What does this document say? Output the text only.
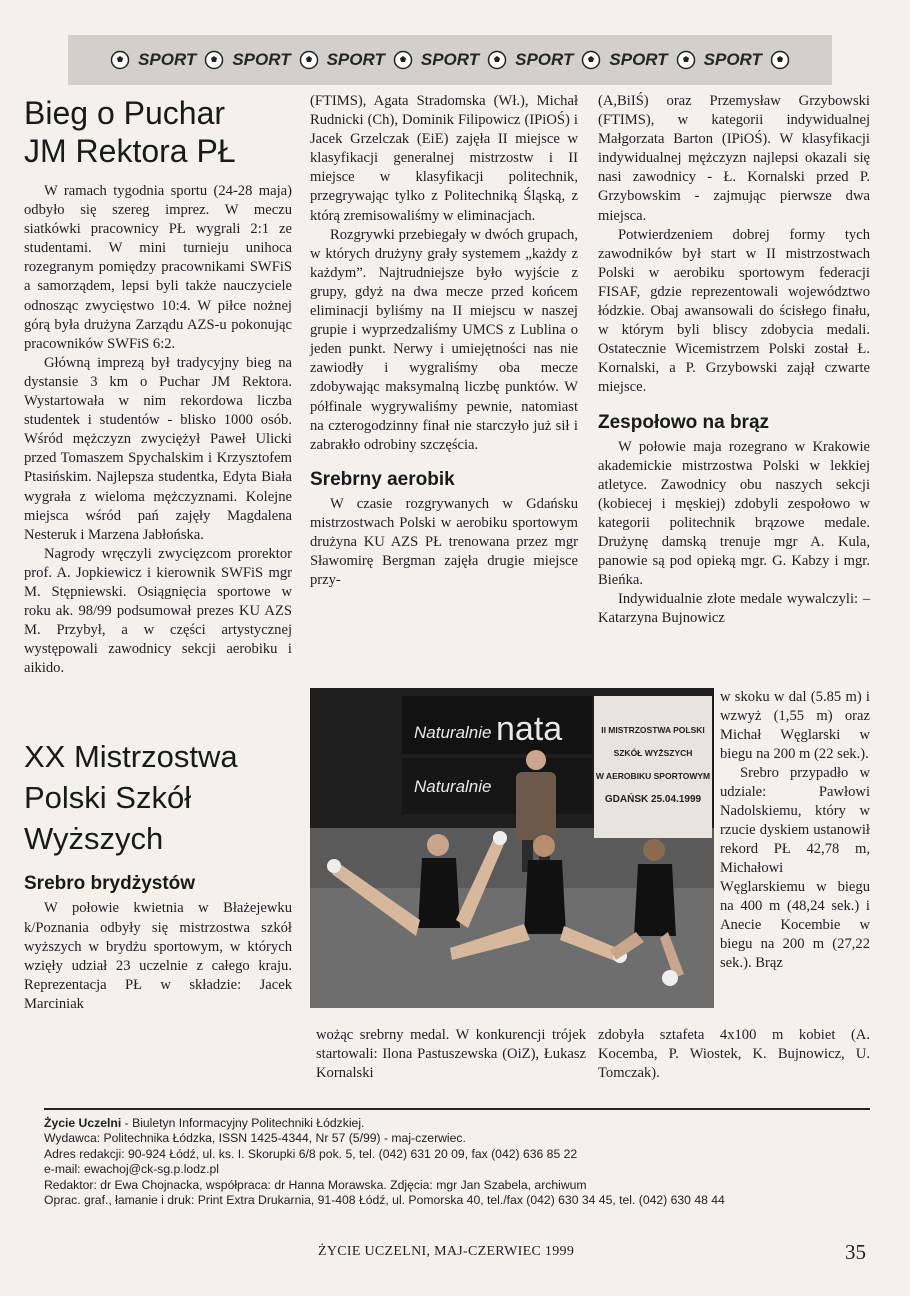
SPORT SPORT SPORT SPORT SPORT SPORT SPORT
Bieg o Puchar
JM Rektora PŁ

W ramach tygodnia sportu (24-28 maja) odbyło się szereg imprez. W meczu siatkówki pracownicy PŁ wygrali 2:1 ze studentami. W mini turnieju unihoca rozegranym pomiędzy pracownikami SWFiS a samorządem, lepsi byli także nauczyciele odnosząc zwycięstwo 10:4. W piłce nożnej górą była drużyna Zarządu AZS-u pokonując pracowników SWFiS 6:2.

Główną imprezą był tradycyjny bieg na dystansie 3 km o Puchar JM Rektora. Wystartowała w nim rekordowa liczba studentek i studentów - blisko 1000 osób. Wśród mężczyzn zwyciężył Paweł Ulicki przed Tomaszem Spychalskim i Krzysztofem Ptasińskim. Najlepsza studentka, Edyta Biała wygrała z wieloma mężczyznami. Kolejne miejsca wśród pań zajęły Magdalena Nesteruk i Marzena Jabłońska.

Nagrody wręczyli zwycięzcom prorektor prof. A. Jopkiewicz i kierownik SWFiS mgr M. Stępniewski. Osiągnięcia sportowe w roku ak. 98/99 podsumował prezes KU AZS M. Przybył, a w części artystycznej występowali zawodnicy sekcji aerobiku i aikido.

XX Mistrzostwa
Polski Szkół
Wyższych
Srebro brydżystów

W połowie kwietnia w Błażejewku k/Poznania odbyły się mistrzostwa szkół wyższych w brydżu sportowym, w których wzięły udział 23 uczelnie z całego kraju. Reprezentacja PŁ w składzie: Jacek Marciniak

(FTIMS), Agata Stradomska (Wł.), Michał Rudnicki (Ch), Dominik Filipowicz (IPiOŚ) i Jacek Grzelczak (EiE) zajęła II miejsce w klasyfikacji generalnej mistrzostw i II miejsce w klasyfikacji politechnik, przegrywając tylko z Politechniką Śląską, z którą zremisowaliśmy w eliminacjach.

Rozgrywki przebiegały w dwóch grupach, w których drużyny grały systemem „każdy z każdym”. Najtrudniejsze było wyjście z grupy, gdyż na dwa mecze przed końcem eliminacji byliśmy na II miejscu w naszej grupie i wyprzedzaliśmy UMCS z Lublina o jeden punkt. Nerwy i umiejętności nas nie zawiodły i wygraliśmy oba mecze zdobywając maksymalną liczbę punktów. W półfinale wygrywaliśmy pewnie, natomiast na czterogodzinny finał nie starczyło już sił i zabrakło odrobiny szczęścia.

Srebrny aerobik

W czasie rozgrywanych w Gdańsku mistrzostwach Polski w aerobiku sportowym drużyna KU AZS PŁ trenowana przez mgr Sławomirę Bergman zajęła drugie miejsce przy-

(A,BiIŚ) oraz Przemysław Grzybowski (FTIMS), w kategorii indywidualnej Małgorzata Barton (IPiOŚ). W klasyfikacji indywidualnej mężczyzn najlepsi okazali się nasi zawodnicy - Ł. Kornalski przed P. Grzybowskim - zajmując pierwsze dwa miejsca.

Potwierdzeniem dobrej formy tych zawodników był start w II mistrzostwach Polski w aerobiku sportowym federacji FISAF, gdzie reprezentowali województwo łódzkie. Obaj awansowali do ścisłego finału, w którym byli bliscy zdobycia medali. Ostatecznie Wicemistrzem Polski został Ł. Kornalski, a P. Grzybowski zajął czwarte miejsce.

Zespołowo na brąz

W połowie maja rozegrano w Krakowie akademickie mistrzostwa Polski w lekkiej atletyce. Zawodnicy obu naszych sekcji (kobiecej i męskiej) zdobyli zespołowo w kategorii politechnik brązowe medale. Drużynę damską trenuje mgr A. Kula, panowie są pod opieką mgr. G. Kabzy i mgr. Bieńka.

Indywidualnie złote medale wywalczyli: – Katarzyna Bujnowicz

Naturalnie nata
Naturalnie
II MISTRZOSTWA POLSKI
SZKÓŁ WYŻSZYCH
W AEROBIKU SPORTOWYM
GDAŃSK 25.04.1999

w skoku w dal (5.85 m) i wzwyż (1,55 m) oraz Michał Węglarski w biegu na 200 m (22 sek.).

Srebro przypadło w udziale: Pawłowi Nadolskiemu, który w rzucie dyskiem ustanowił rekord PŁ 42,78 m, Michałowi Węglarskiemu w biegu na 400 m (48,24 sek.) i Anecie Kocembie w biegu na 200 m (27,22 sek.). Brąz

wożąc srebrny medal. W konkurencji trójek startowali: Ilona Pastuszewska (OiZ), Łukasz Kornalski
zdobyła sztafeta 4x100 m kobiet (A. Kocemba, P. Wiostek, K. Bujnowicz, U. Tomczak).
Życie Uczelni - Biuletyn Informacyjny Politechniki Łódzkiej.
Wydawca: Politechnika Łódzka, ISSN 1425-4344, Nr 57 (5/99) - maj-czerwiec.
Adres redakcji: 90-924 Łódź, ul. ks. I. Skorupki 6/8 pok. 5, tel. (042) 631 20 09, fax (042) 636 85 22
e-mail: ewachoj@ck-sg.p.lodz.pl
Redaktor: dr Ewa Chojnacka, współpraca: dr Hanna Morawska. Zdjęcia: mgr Jan Szabela, archiwum
Oprac. graf., łamanie i druk: Print Extra Drukarnia, 91-408 Łódź, ul. Pomorska 40, tel./fax (042) 630 34 45, tel. (042) 630 48 44
ŻYCIE UCZELNI, MAJ-CZERWIEC 1999	35
